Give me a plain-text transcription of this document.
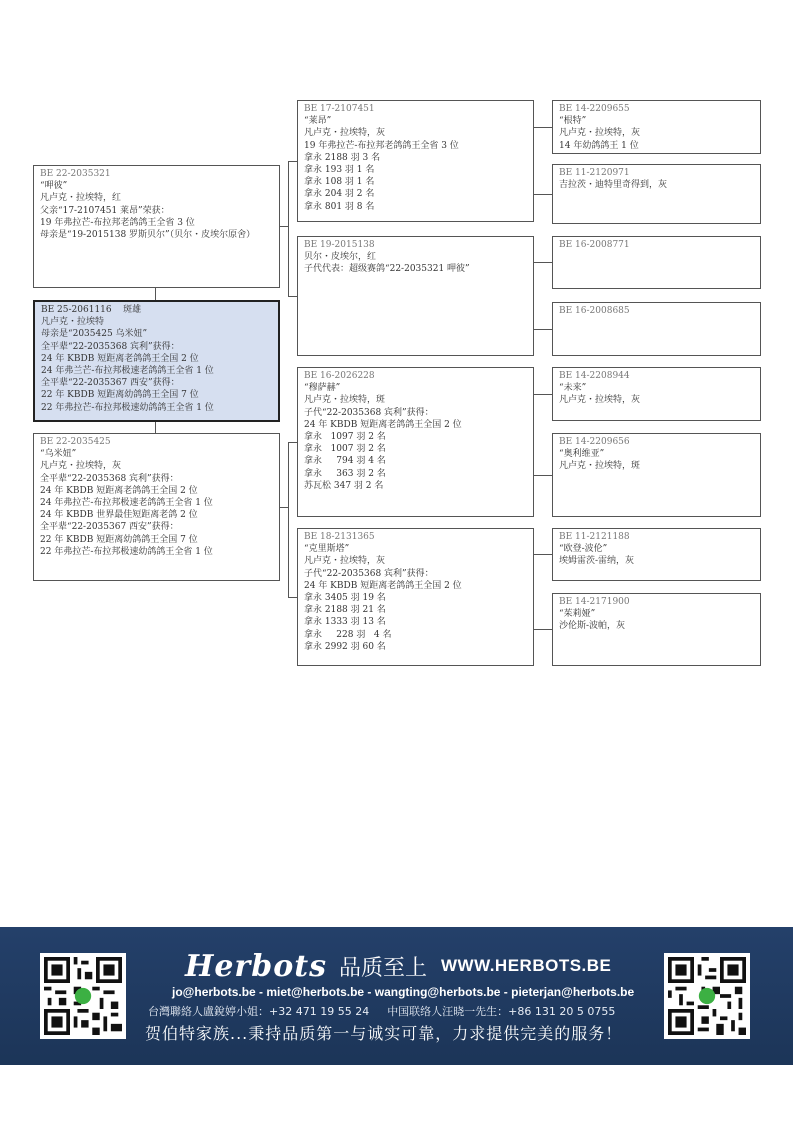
BE 22-2035321
“呷彼”
凡卢克・拉埃特，红
父亲“17-2107451 莱昂”荣获：
19 年弗拉芒-布拉邦老鸽鸽王全省 3 位
母亲是“19-2015138 罗斯贝尔”（贝尔・皮埃尔原舍）
BE 25-2061116    斑雄
凡卢克・拉埃特
母亲是“2035425 乌米妞”
全平辈“22-2035368 宾利”获得：
24 年 KBDB 短距离老鸽鸽王全国 2 位
24 年弗兰芒-布拉邦极速老鸽鸽王全省 1 位
全平辈“22-2035367 西安”获得：
22 年 KBDB 短距离幼鸽鸽王全国 7 位
22 年弗拉芒-布拉邦极速幼鸽鸽王全省 1 位
BE 22-2035425
“乌米妞”
凡卢克・拉埃特，灰
全平辈“22-2035368 宾利”获得：
24 年 KBDB 短距离老鸽鸽王全国 2 位
24 年弗拉芒-布拉邦极速老鸽鸽王全省 1 位
24 年 KBDB 世界最佳短距离老鸽 2 位
全平辈“22-2035367 西安”获得：
22 年 KBDB 短距离幼鸽鸽王全国 7 位
22 年弗拉芒-布拉邦极速幼鸽鸽王全省 1 位
BE 17-2107451
“莱昂”
凡卢克・拉埃特，灰
19 年弗拉芒-布拉邦老鸽鸽王全省 3 位
拿永 2188 羽 3 名
拿永 193 羽 1 名
拿永 108 羽 1 名
拿永 204 羽 2 名
拿永 801 羽 8 名
BE 19-2015138
贝尔・皮埃尔，红
子代代表：超级赛鸽“22-2035321 呷彼”
BE 16-2026228
“穆萨赫”
凡卢克・拉埃特，斑
子代“22-2035368 宾利”获得：
24 年 KBDB 短距离老鸽鸽王全国 2 位
拿永   1097 羽 2 名
拿永   1007 羽 2 名
拿永     794 羽 4 名
拿永     363 羽 2 名
苏瓦松 347 羽 2 名
BE 18-2131365
“克里斯塔”
凡卢克・拉埃特，灰
子代“22-2035368 宾利”获得：
24 年 KBDB 短距离老鸽鸽王全国 2 位
拿永 3405 羽 19 名
拿永 2188 羽 21 名
拿永 1333 羽 13 名
拿永     228 羽   4 名
拿永 2992 羽 60 名
BE 14-2209655
“根特”
凡卢克・拉埃特，灰
14 年幼鸽鸽王 1 位
BE 11-2120971
吉拉茨・迪特里奇得到，灰
BE 16-2008771
BE 16-2008685
BE 14-2208944
“未来”
凡卢克・拉埃特，灰
BE 14-2209656
“奥利维亚”
凡卢克・拉埃特，斑
BE 11-2121188
“欧登-波伦”
埃姆雷茨-雷纳，灰
BE 14-2171900
“茱莉娅”
沙伦斯-波帕，灰
Herbots 品质至上 WWW.HERBOTS.BE
jo@herbots.be - miet@herbots.be - wangting@herbots.be - pieterjan@herbots.be
台灣聯絡人盧銳婷小姐：+32 471 19 55 24 中国联络人汪晓一先生：+86 131 20 5 0755
贺伯特家族...秉持品质第一与诚实可靠，力求提供完美的服务！
